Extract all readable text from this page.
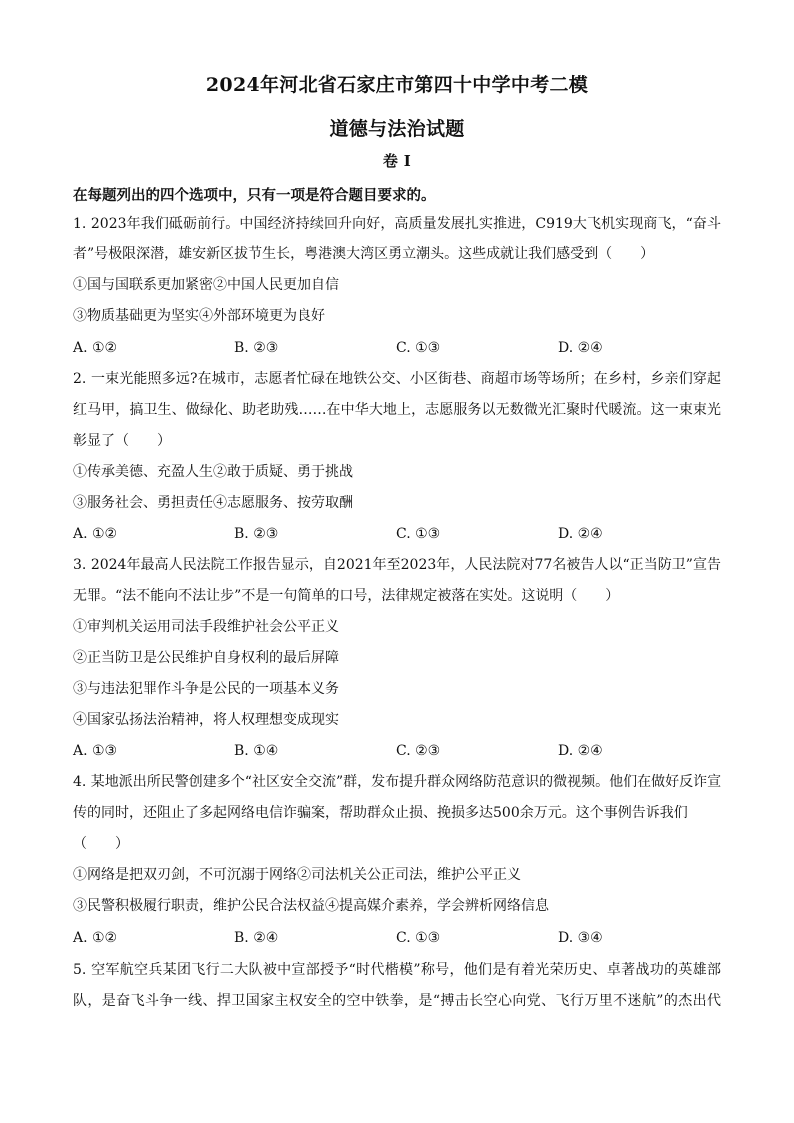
2024年河北省石家庄市第四十中学中考二模
道德与法治试题
卷 I
在每题列出的四个选项中，只有一项是符合题目要求的。
1. 2023年我们砥砺前行。中国经济持续回升向好，高质量发展扎实推进，C919大飞机实现商飞，“奋斗
者”号极限深潜，雄安新区拔节生长，粤港澳大湾区勇立潮头。这些成就让我们感受到（　　）
①国与国联系更加紧密②中国人民更加自信
③物质基础更为坚实④外部环境更为良好
A. ①②	B. ②③	C. ①③	D. ②④
2. 一束光能照多远?在城市，志愿者忙碌在地铁公交、小区街巷、商超市场等场所；在乡村，乡亲们穿起
红马甲，搞卫生、做绿化、助老助残……在中华大地上，志愿服务以无数微光汇聚时代暖流。这一束束光
彰显了（　　）
①传承美德、充盈人生②敢于质疑、勇于挑战
③服务社会、勇担责任④志愿服务、按劳取酬
A. ①②	B. ②③	C. ①③	D. ②④
3. 2024年最高人民法院工作报告显示，自2021年至2023年，人民法院对77名被告人以“正当防卫”宣告
无罪。“法不能向不法让步”不是一句简单的口号，法律规定被落在实处。这说明（　　）
①审判机关运用司法手段维护社会公平正义
②正当防卫是公民维护自身权利的最后屏障
③与违法犯罪作斗争是公民的一项基本义务
④国家弘扬法治精神，将人权理想变成现实
A. ①③	B. ①④	C. ②③	D. ②④
4. 某地派出所民警创建多个“社区安全交流”群，发布提升群众网络防范意识的微视频。他们在做好反诈宣
传的同时，还阻止了多起网络电信诈骗案，帮助群众止损、挽损多达500余万元。这个事例告诉我们
（　　）
①网络是把双刃剑，不可沉溺于网络②司法机关公正司法，维护公平正义
③民警积极履行职责，维护公民合法权益④提高媒介素养，学会辨析网络信息
A. ①②	B. ②④	C. ①③	D. ③④
5. 空军航空兵某团飞行二大队被中宣部授予“时代楷模”称号，他们是有着光荣历史、卓著战功的英雄部
队，是奋飞斗争一线、捍卫国家主权安全的空中铁拳，是“搏击长空心向党、飞行万里不迷航”的杰出代
